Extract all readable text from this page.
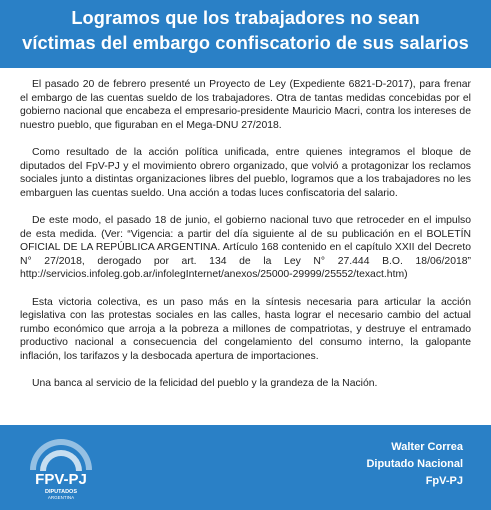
Logramos que los trabajadores no sean
víctimas del embargo confiscatorio de sus salarios

El pasado 20 de febrero presenté un Proyecto de Ley (Expediente 6821-D-2017), para frenar el embargo de las cuentas sueldo de los trabajadores. Otra de tantas medidas concebidas por el gobierno nacional que encabeza el empresario-presidente Mauricio Macri, contra los intereses de nuestro pueblo, que figuraban en el Mega-DNU 27/2018.

Como resultado de la acción política unificada, entre quienes integramos el bloque de diputados del FpV-PJ y el movimiento obrero organizado, que volvió a protagonizar los reclamos sociales junto a distintas organizaciones libres del pueblo, logramos que a los trabajadores no les embarguen las cuentas sueldo. Una acción a todas luces confiscatoria del salario.

De este modo, el pasado 18 de junio, el gobierno nacional tuvo que retroceder en el impulso de esta medida. (Ver: “Vigencia: a partir del día siguiente al de su publicación en el BOLETÍN OFICIAL DE LA REPÚBLICA ARGENTINA. Artículo 168 contenido en el capítulo XXII del Decreto N° 27/2018, derogado por art. 134 de la Ley N° 27.444 B.O. 18/06/2018” http://servicios.infoleg.gob.ar/infolegInternet/anexos/25000-29999/25552/texact.htm)

Esta victoria colectiva, es un paso más en la síntesis necesaria para articular la acción legislativa con las protestas sociales en las calles, hasta lograr el necesario cambio del actual rumbo económico que arroja a la pobreza a millones de compatriotas, y destruye el entramado productivo nacional a consecuencia del congelamiento del consumo interno, la galopante inflación, los tarifazos y la desbocada apertura de importaciones.

Una banca al servicio de la felicidad del pueblo y la grandeza de la Nación.

FPV-PJ
DIPUTADOS
ARGENTINA
Walter Correa
Diputado Nacional
FpV-PJ
